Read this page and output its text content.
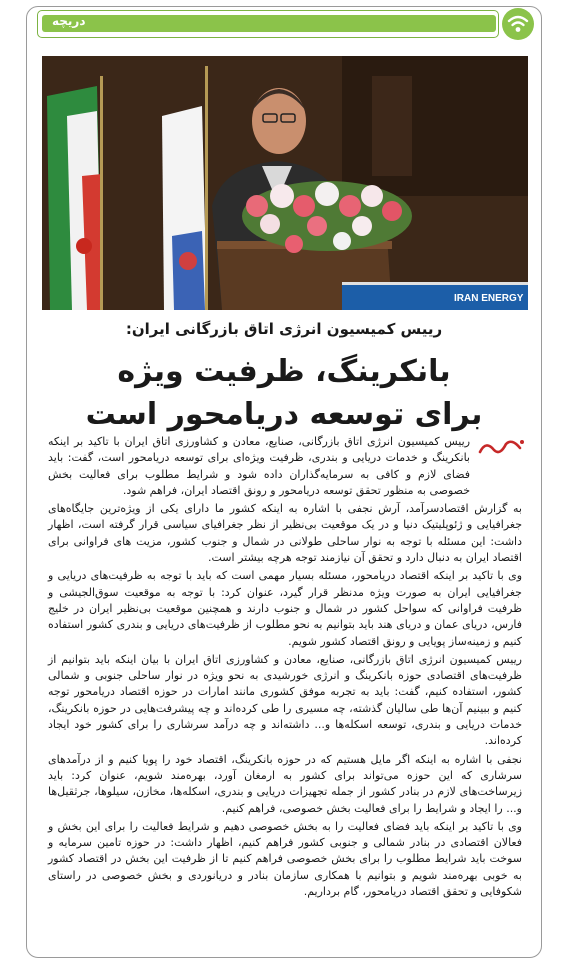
دریچه
IRAN ENERGY
رییس کمیسیون انرژی اتاق بازرگانی ایران:
بانکرینگ، ظرفیت ویژه
برای توسعه دریامحور است

رییس کمیسیون انرژی اتاق بازرگانی، صنایع، معادن و کشاورزی اتاق ایران با تاکید بر اینکه بانکرینگ و خدمات دریایی و بندری، ظرفیت ویژه‌ای برای توسعه دریامحور است، گفت: باید فضای لازم و کافی به سرمایه‌گذاران داده شود و شرایط مطلوب برای فعالیت بخش خصوصی به منظور تحقق توسعه دریامحور و رونق اقتصاد ایران، فراهم شود.

به گزارش اقتصادسرآمد، آرش نجفی با اشاره به اینکه کشور ما دارای یکی از ویژه‌ترین جایگاه‌های جغرافیایی و ژئوپلیتیک دنیا و در یک موقعیت بی‌نظیر از نظر جغرافیای سیاسی قرار گرفته است، اظهار داشت: این مسئله با توجه به نوار ساحلی طولانی در شمال و جنوب کشور، مزیت های فراوانی برای اقتصاد ایران به دنبال دارد و تحقق آن نیازمند توجه هرچه بیشتر است.

وی با تاکید بر اینکه اقتصاد دریامحور، مسئله بسیار مهمی است که باید با توجه به ظرفیت‌های دریایی و جغرافیایی ایران به صورت ویژه مدنظر قرار گیرد، عنوان کرد: با توجه به موقعیت سوق‌الجیشی و ظرفیت فراوانی که سواحل کشور در شمال و جنوب دارند و همچنین موقعیت بی‌نظیر ایران در خلیج فارس، دریای عمان و دریای هند باید بتوانیم به نحو مطلوب از ظرفیت‌های دریایی و بندری کشور استفاده کنیم و زمینه‌ساز پویایی و رونق اقتصاد کشور شویم.

رییس کمیسیون انرژی اتاق بازرگانی، صنایع، معادن و کشاورزی اتاق ایران با بیان اینکه باید بتوانیم از ظرفیت‌های اقتصادی حوزه بانکرینگ و انرژی خورشیدی به نحو ویژه در نوار ساحلی جنوبی و شمالی کشور، استفاده کنیم، گفت: باید به تجربه موفق کشوری مانند امارات در حوزه اقتصاد دریامحور توجه کنیم و ببینیم آن‌ها طی سالیان گذشته، چه مسیری را طی کرده‌اند و چه پیشرفت‌هایی در حوزه بانکرینگ، خدمات دریایی و بندری، توسعه اسکله‌ها و... داشته‌اند و چه درآمد سرشاری را برای کشور خود ایجاد کرده‌اند.

نجفی با اشاره به اینکه اگر مایل هستیم که در حوزه بانکرینگ، اقتصاد خود را پویا کنیم و از درآمدهای سرشاری که این حوزه می‌تواند برای کشور به ارمغان آورد، بهره‌مند شویم، عنوان کرد: باید زیرساخت‌های لازم در بنادر کشور از جمله تجهیزات دریایی و بندری، اسکله‌ها، مخازن، سیلوها، جرثقیل‌ها و... را ایجاد و شرایط را برای فعالیت بخش خصوصی، فراهم کنیم.

وی با تاکید بر اینکه باید فضای فعالیت را به بخش خصوصی دهیم و شرایط فعالیت را برای این بخش و فعالان اقتصادی در بنادر شمالی و جنوبی کشور فراهم کنیم، اظهار داشت: در حوزه تامین سرمایه و سوخت باید شرایط مطلوب را برای بخش خصوصی فراهم کنیم تا از ظرفیت این بخش در اقتصاد کشور به خوبی بهره‌مند شویم و بتوانیم با همکاری سازمان بنادر و دریانوردی و بخش خصوصی در راستای شکوفایی و تحقق اقتصاد دریامحور، گام برداریم.
